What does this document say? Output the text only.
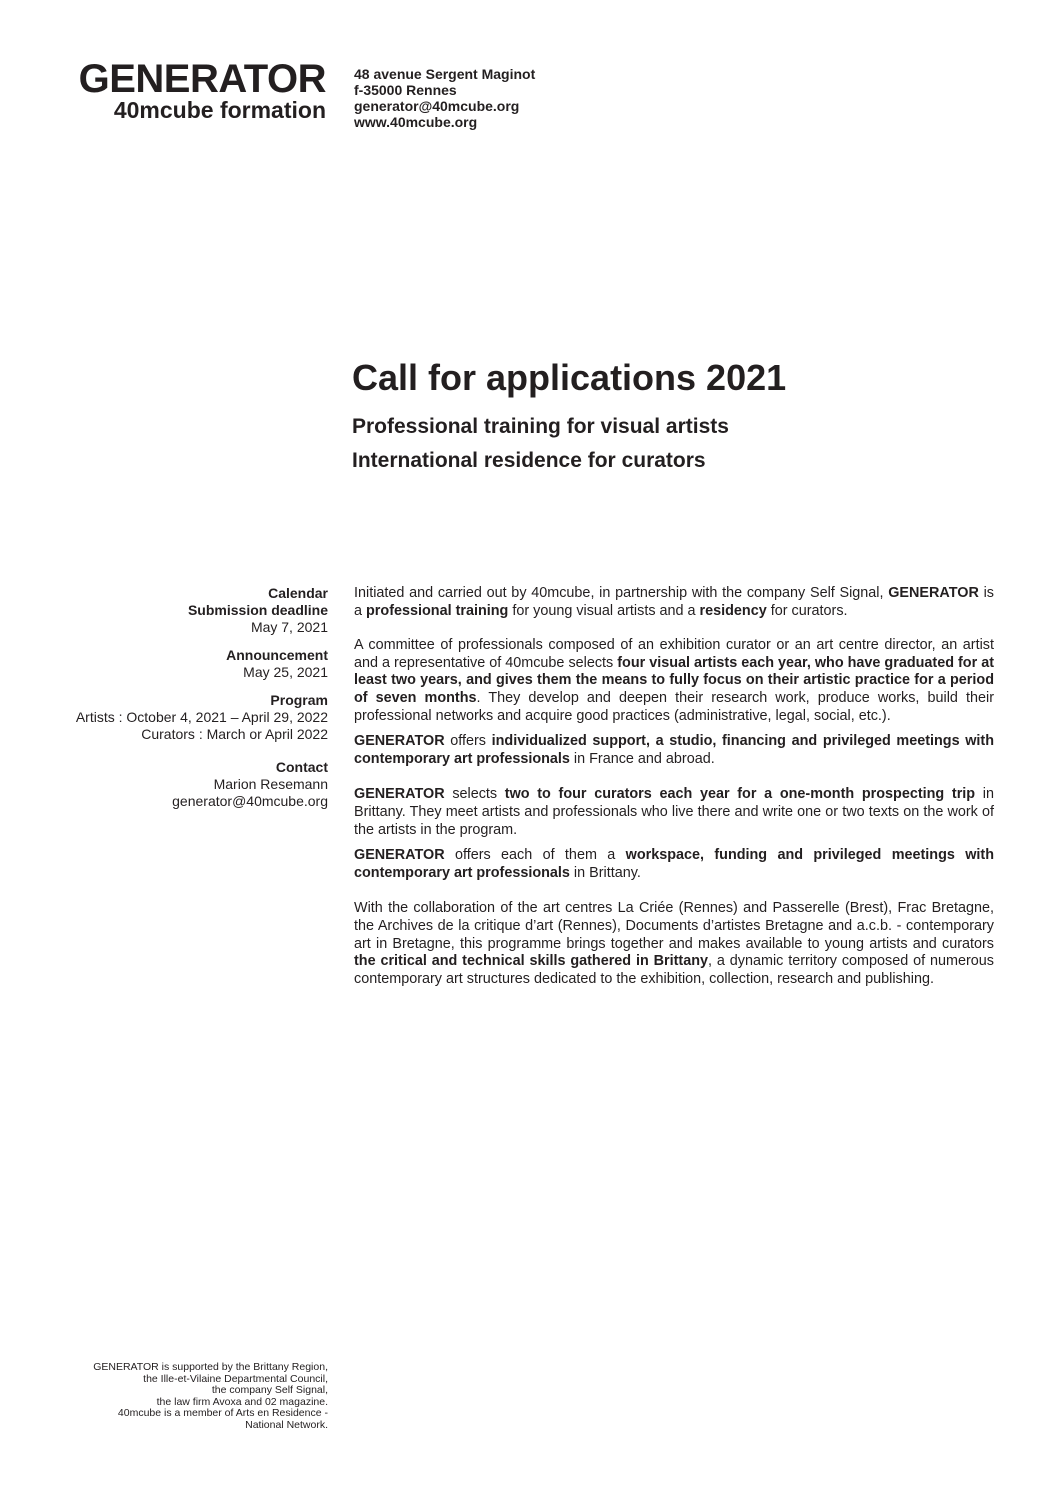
GENERATOR
40mcube formation
48 avenue Sergent Maginot
f-35000 Rennes
generator@40mcube.org
www.40mcube.org
Call for applications 2021
Professional training for visual artists
International residence for curators
Calendar
Submission deadline
May 7, 2021
Announcement
May 25, 2021
Program
Artists : October 4, 2021 – April 29, 2022
Curators : March or April 2022
Contact
Marion Resemann
generator@40mcube.org

Initiated and carried out by 40mcube, in partnership with the company Self Signal, GENERATOR is a professional training for young visual artists and a residency for curators.

A committee of professionals composed of an exhibition curator or an art centre director, an artist and a representative of 40mcube selects four visual artists each year, who have graduated for at least two years, and gives them the means to fully focus on their artistic practice for a period of seven months. They develop and deepen their research work, produce works, build their professional networks and acquire good practices (administrative, legal, social, etc.).

GENERATOR offers individualized support, a studio, financing and privileged meetings with contemporary art professionals in France and abroad.

GENERATOR selects two to four curators each year for a one-month prospecting trip in Brittany. They meet artists and professionals who live there and write one or two texts on the work of the artists in the program.

GENERATOR offers each of them a workspace, funding and privileged meetings with contemporary art professionals in Brittany.

With the collaboration of the art centres La Criée (Rennes) and Passerelle (Brest), Frac Bretagne, the Archives de la critique d’art (Rennes), Documents d’artistes Bretagne and a.c.b. - contemporary art in Bretagne, this programme brings together and makes available to young artists and curators the critical and technical skills gathered in Brittany, a dynamic territory composed of numerous contemporary art structures dedicated to the exhibition, collection, research and publishing.

GENERATOR is supported by the Brittany Region,
the Ille-et-Vilaine Departmental Council,
the company Self Signal,
the law firm Avoxa and 02 magazine.
40mcube is a member of Arts en Residence -
National Network.
